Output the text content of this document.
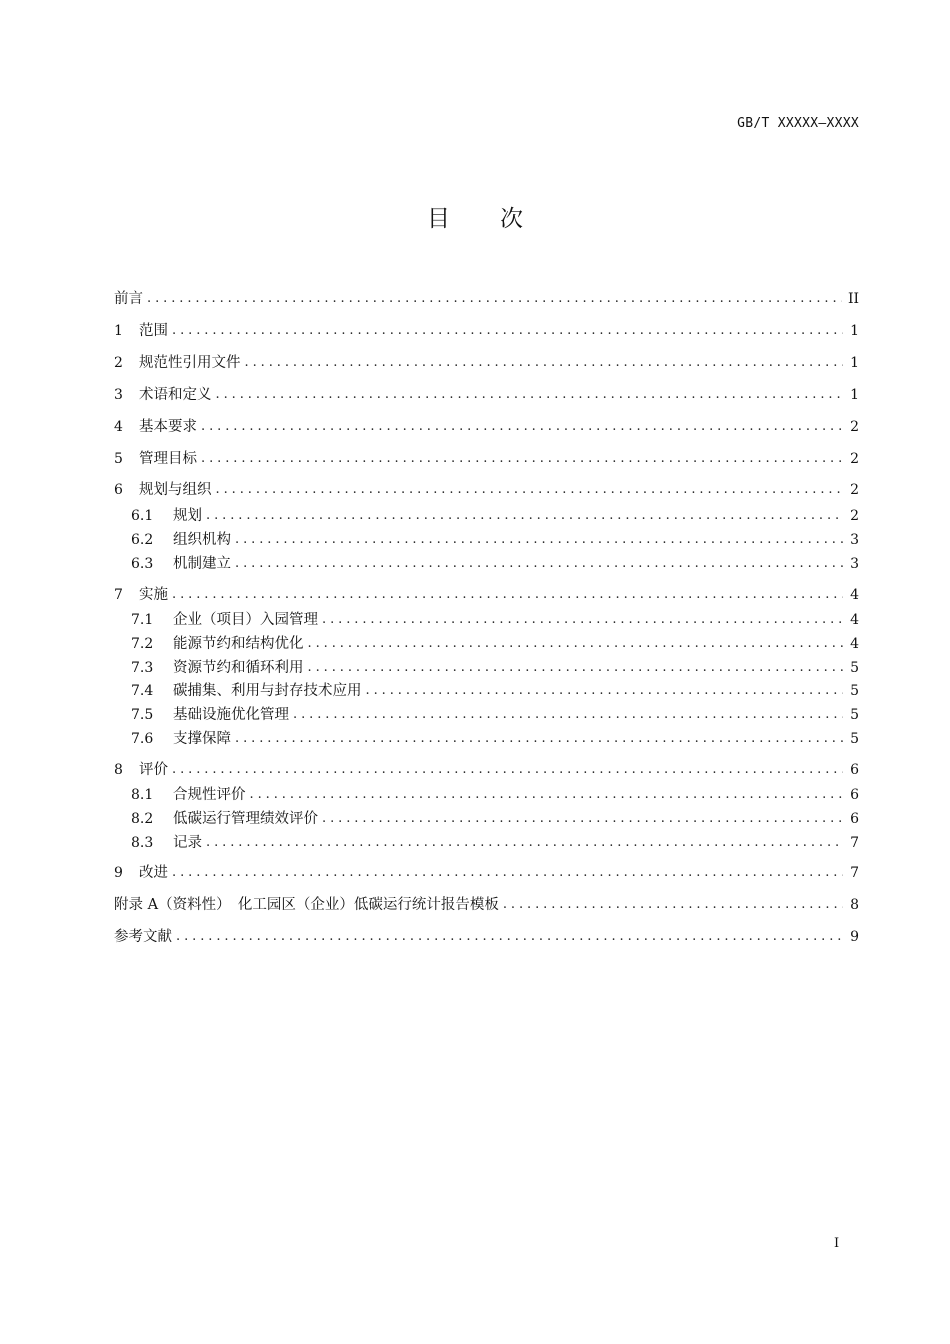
GB/T XXXXX—XXXX
目次
前言 . . .	II
1	范围 . . .	1
2	规范性引用文件 . . .	1
3	术语和定义 . . .	1
4	基本要求 . . .	2
5	管理目标 . . .	2
6	规划与组织 . . .	2
6.1	规划 . . .	2
6.2	组织机构 . . .	3
6.3	机制建立 . . .	3
7	实施 . . .	4
7.1	企业（项目）入园管理 . . .	4
7.2	能源节约和结构优化 . . .	4
7.3	资源节约和循环利用 . . .	5
7.4	碳捕集、利用与封存技术应用 . . .	5
7.5	基础设施优化管理 . . .	5
7.6	支撑保障 . . .	5
8	评价 . . .	6
8.1	合规性评价 . . .	6
8.2	低碳运行管理绩效评价 . . .	6
8.3	记录 . . .	7
9	改进 . . .	7
附录 A（资料性）　化工园区（企业）低碳运行统计报告模板 . . .	8
参考文献 . . .	9
I
